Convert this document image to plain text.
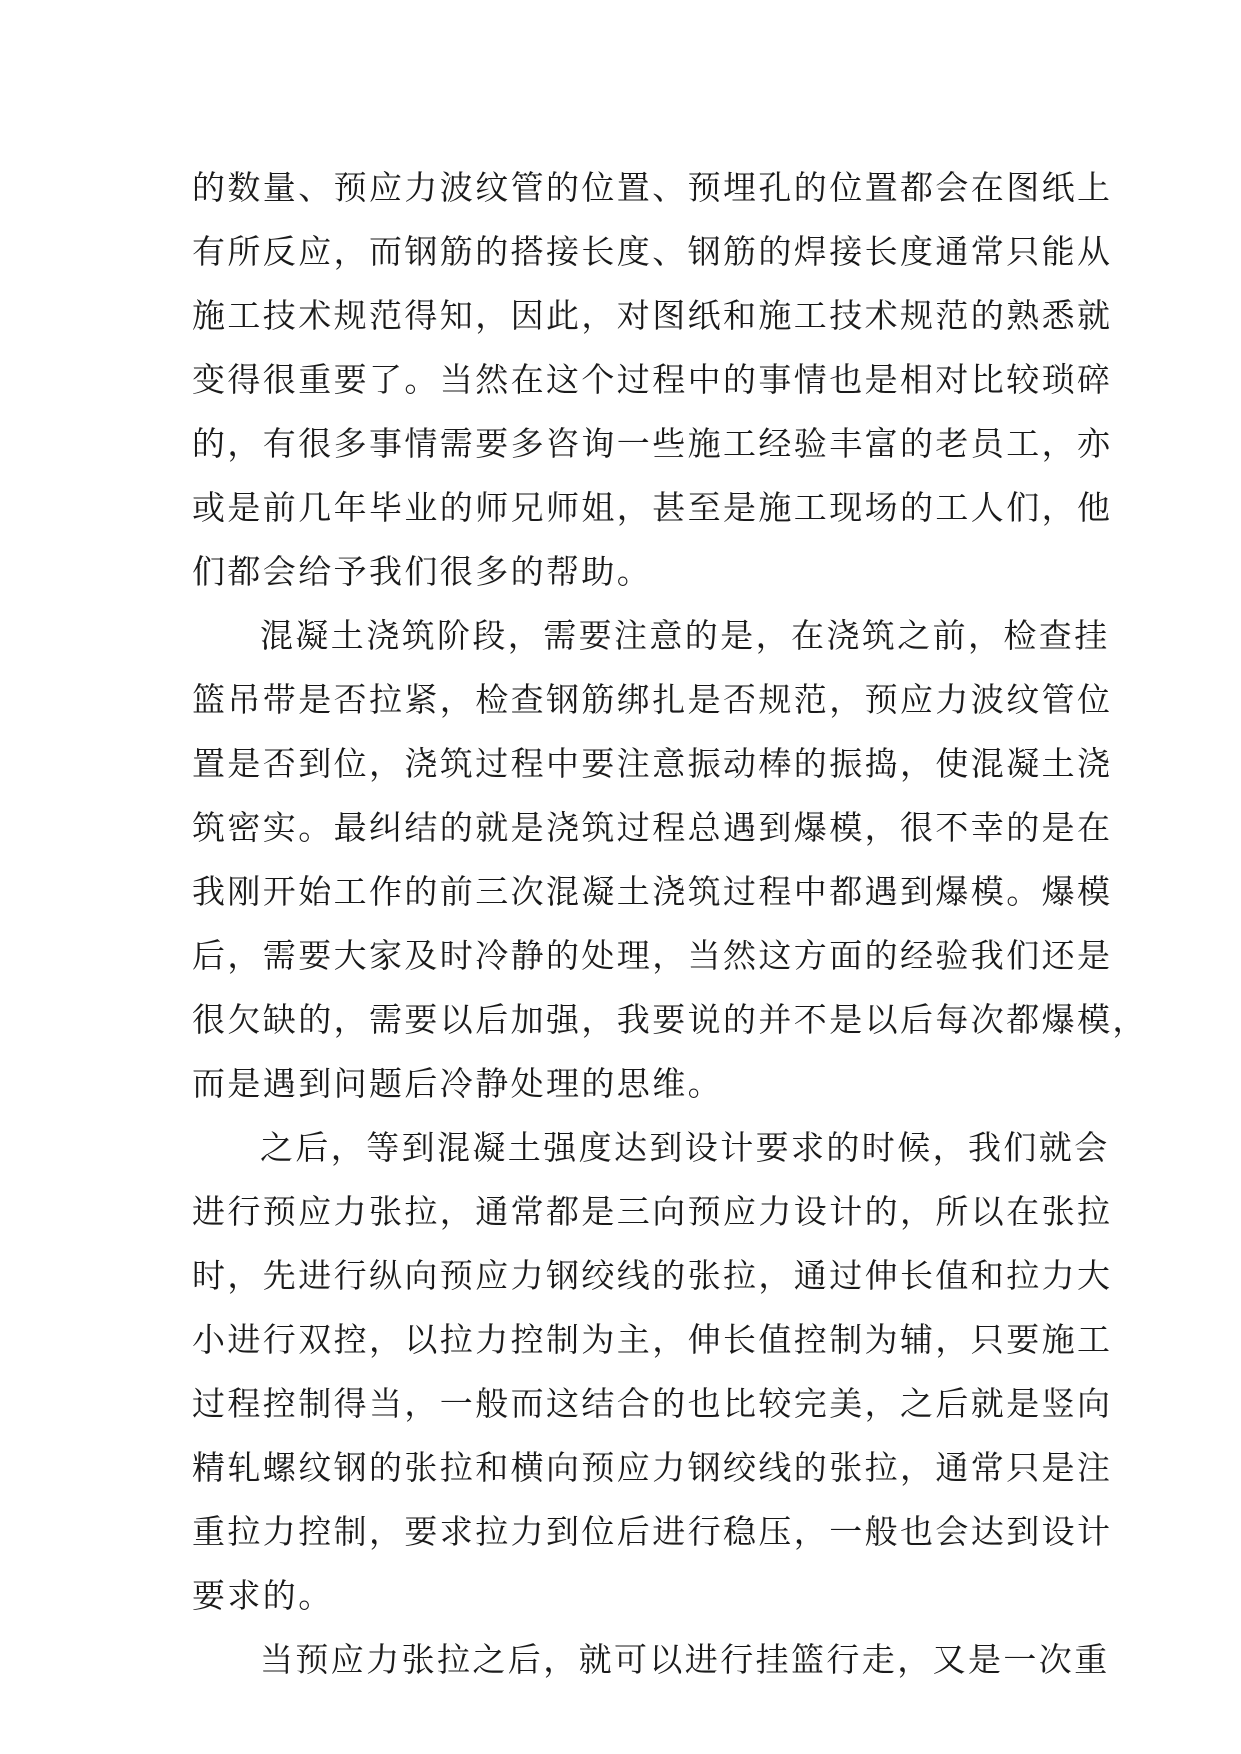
的数量、预应力波纹管的位置、预埋孔的位置都会在图纸上
有所反应，而钢筋的搭接长度、钢筋的焊接长度通常只能从
施工技术规范得知，因此，对图纸和施工技术规范的熟悉就
变得很重要了。当然在这个过程中的事情也是相对比较琐碎
的，有很多事情需要多咨询一些施工经验丰富的老员工，亦
或是前几年毕业的师兄师姐，甚至是施工现场的工人们，他
们都会给予我们很多的帮助。
混凝土浇筑阶段，需要注意的是，在浇筑之前，检查挂
篮吊带是否拉紧，检查钢筋绑扎是否规范，预应力波纹管位
置是否到位，浇筑过程中要注意振动棒的振捣，使混凝土浇
筑密实。最纠结的就是浇筑过程总遇到爆模，很不幸的是在
我刚开始工作的前三次混凝土浇筑过程中都遇到爆模。爆模
后，需要大家及时冷静的处理，当然这方面的经验我们还是
很欠缺的，需要以后加强，我要说的并不是以后每次都爆模，
而是遇到问题后冷静处理的思维。
之后，等到混凝土强度达到设计要求的时候，我们就会
进行预应力张拉，通常都是三向预应力设计的，所以在张拉
时，先进行纵向预应力钢绞线的张拉，通过伸长值和拉力大
小进行双控，以拉力控制为主，伸长值控制为辅，只要施工
过程控制得当，一般而这结合的也比较完美，之后就是竖向
精轧螺纹钢的张拉和横向预应力钢绞线的张拉，通常只是注
重拉力控制，要求拉力到位后进行稳压，一般也会达到设计
要求的。
当预应力张拉之后，就可以进行挂篮行走，又是一次重
